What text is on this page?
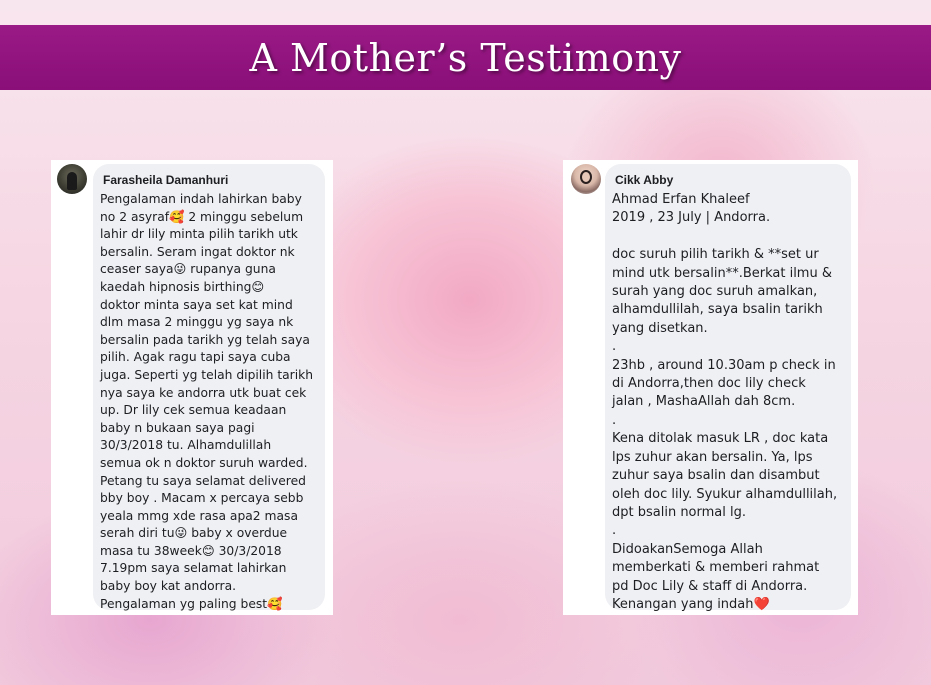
A Mother’s Testimony
Farasheila Damanhuri

Pengalaman indah lahirkan baby
no 2 asyraf🥰 2 minggu sebelum
lahir dr lily minta pilih tarikh utk
bersalin. Seram ingat doktor nk
ceaser saya😜 rupanya guna
kaedah hipnosis birthing😊
doktor minta saya set kat mind
dlm masa 2 minggu yg saya nk
bersalin pada tarikh yg telah saya
pilih. Agak ragu tapi saya cuba
juga. Seperti yg telah dipilih tarikh
nya saya ke andorra utk buat cek
up. Dr lily cek semua keadaan
baby n bukaan saya pagi
30/3/2018 tu. Alhamdulillah
semua ok n doktor suruh warded.
Petang tu saya selamat delivered
bby boy . Macam x percaya sebb
yeala mmg xde rasa apa2 masa
serah diri tu😜 baby x overdue
masa tu 38week😊 30/3/2018
7.19pm saya selamat lahirkan
baby boy kat andorra.
Pengalaman yg paling best🥰

Cikk Abby

Ahmad Erfan Khaleef
2019 , 23 July | Andorra.

doc suruh pilih tarikh & **set ur
mind utk bersalin**.Berkat ilmu &
surah yang doc suruh amalkan,
alhamdullilah, saya bsalin tarikh
yang disetkan.
.
23hb , around 10.30am p check in
di Andorra,then doc lily check
jalan , MashaAllah dah 8cm.
.
Kena ditolak masuk LR , doc kata
lps zuhur akan bersalin. Ya, lps
zuhur saya bsalin dan disambut
oleh doc lily. Syukur alhamdullilah,
dpt bsalin normal lg.
.
DidoakanSemoga Allah
memberkati & memberi rahmat
pd Doc Lily & staff di Andorra.
Kenangan yang indah❤️
